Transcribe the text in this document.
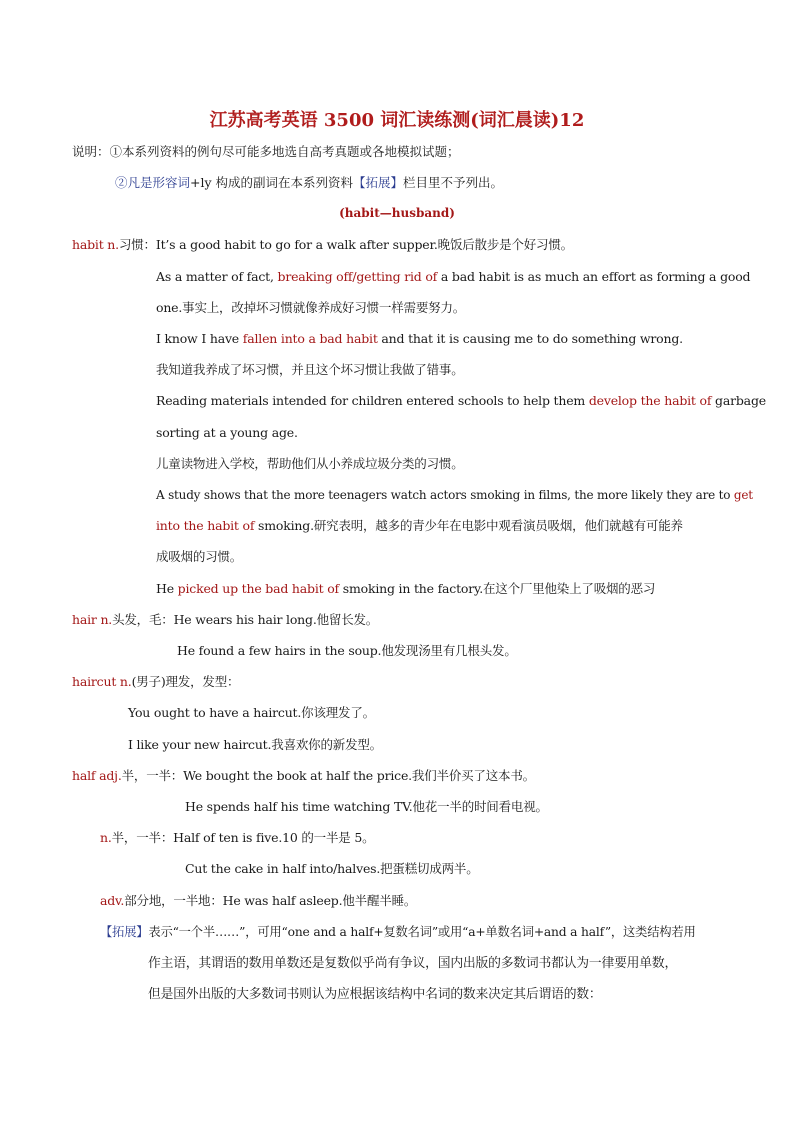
江苏高考英语 3500 词汇读练测(词汇晨读)12
说明：①本系列资料的例句尽可能多地选自高考真题或各地模拟试题；
②凡是形容词+ly 构成的副词在本系列资料【拓展】栏目里不予列出。
(habit—husband)
habit n.习惯：It’s a good habit to go for a walk after supper.晚饭后散步是个好习惯。
As a matter of fact, breaking off/getting rid of a bad habit is as much an effort as forming a good
one.事实上，改掉坏习惯就像养成好习惯一样需要努力。
I know I have fallen into a bad habit and that it is causing me to do something wrong.
我知道我养成了坏习惯，并且这个坏习惯让我做了错事。
Reading materials intended for children entered schools to help them develop the habit of garbage
sorting at a young age.
儿童读物进入学校，帮助他们从小养成垃圾分类的习惯。
A study shows that the more teenagers watch actors smoking in films, the more likely they are to get
into the habit of smoking.研究表明，越多的青少年在电影中观看演员吸烟，他们就越有可能养
成吸烟的习惯。
He picked up the bad habit of smoking in the factory.在这个厂里他染上了吸烟的恶习
hair n.头发，毛：He wears his hair long.他留长发。
He found a few hairs in the soup.他发现汤里有几根头发。
haircut n.(男子)理发，发型：
You ought to have a haircut.你该理发了。
I like your new haircut.我喜欢你的新发型。
half adj.半，一半：We bought the book at half the price.我们半价买了这本书。
He spends half his time watching TV.他花一半的时间看电视。
n.半，一半：Half of ten is five.10 的一半是 5。
Cut the cake in half into/halves.把蛋糕切成两半。
adv.部分地，一半地：He was half asleep.他半醒半睡。
【拓展】表示“一个半……”，可用“one and a half+复数名词”或用“a+单数名词+and a half”，这类结构若用
作主语，其谓语的数用单数还是复数似乎尚有争议，国内出版的多数词书都认为一律要用单数，
但是国外出版的大多数词书则认为应根据该结构中名词的数来决定其后谓语的数：
